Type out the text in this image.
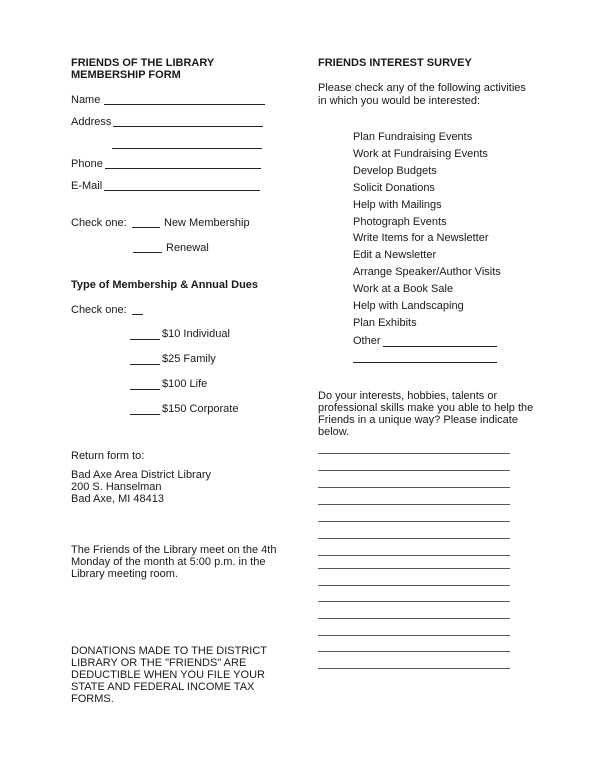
FRIENDS OF THE LIBRARY
MEMBERSHIP FORM
Name
Address
Phone
E-Mail
Check one:	New Membership
Renewal
Type of Membership & Annual Dues
Check one:
$10 Individual
$25 Family
$100 Life
$150 Corporate
Return form to:
Bad Axe Area District Library
200 S. Hanselman
Bad Axe, MI 48413
The Friends of the Library meet on the 4th
Monday of the month at 5:00 p.m. in the
Library meeting room.
DONATIONS MADE TO THE DISTRICT
LIBRARY OR THE "FRIENDS" ARE
DEDUCTIBLE WHEN YOU FILE YOUR
STATE AND FEDERAL INCOME TAX
FORMS.
FRIENDS INTEREST SURVEY
Please check any of the following activities
in which you would be interested:
Plan Fundraising Events
Work at Fundraising Events
Develop Budgets
Solicit Donations
Help with Mailings
Photograph Events
Write Items for a Newsletter
Edit a Newsletter
Arrange Speaker/Author Visits
Work at a Book Sale
Help with Landscaping
Plan Exhibits
Other
Do your interests, hobbies, talents or
professional skills make you able to help the
Friends in a unique way? Please indicate
below.
